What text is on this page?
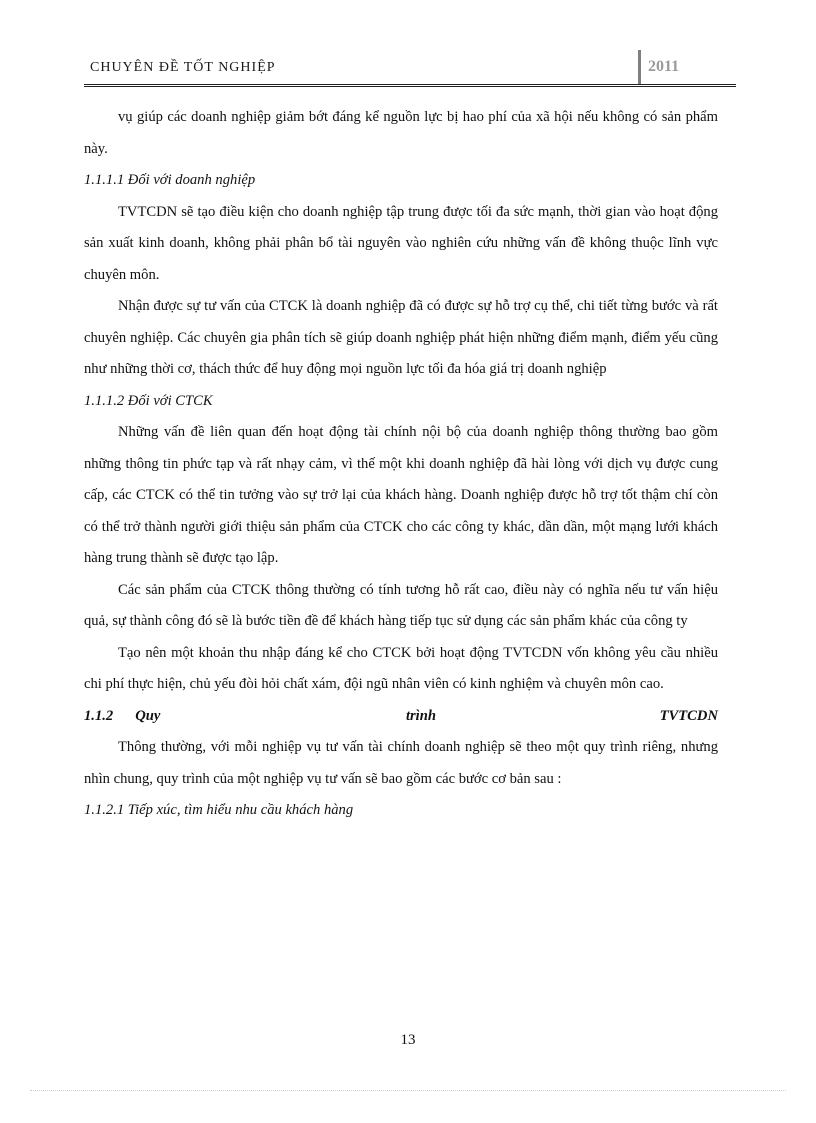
CHUYÊN ĐỀ TỐT NGHIỆP	2011

vụ giúp các doanh nghiệp giảm bớt đáng kể nguồn lực bị hao phí của xã hội nếu không có sản phẩm này.

1.1.1.1 Đối với doanh nghiệp

TVTCDN sẽ tạo điều kiện cho doanh nghiệp tập trung được tối đa sức mạnh, thời gian vào hoạt động sản xuất kinh doanh, không phải phân bổ tài nguyên vào nghiên cứu những vấn đề không thuộc lĩnh vực chuyên môn.

Nhận được sự tư vấn của CTCK là doanh nghiệp đã có được sự hỗ trợ cụ thể, chi tiết từng bước và rất chuyên nghiệp. Các chuyên gia phân tích sẽ giúp doanh nghiệp phát hiện những điểm mạnh, điểm yếu cũng như những thời cơ, thách thức để huy động mọi nguồn lực tối đa hóa giá trị doanh nghiệp

1.1.1.2 Đối với CTCK

Những vấn đề liên quan đến hoạt động tài chính nội bộ của doanh nghiệp thông thường bao gồm những thông tin phức tạp và rất nhạy cảm, vì thế một khi doanh nghiệp đã hài lòng với dịch vụ được cung cấp, các CTCK có thể tin tưởng vào sự trở lại của khách hàng. Doanh nghiệp được hỗ trợ tốt thậm chí còn có thể trở thành người giới thiệu sản phẩm của CTCK cho các công ty khác, dần dần, một mạng lưới khách hàng trung thành sẽ được tạo lập.

Các sản phẩm của CTCK thông thường có tính tương hỗ rất cao, điều này có nghĩa nếu tư vấn hiệu quả, sự thành công đó sẽ là bước tiền đề để khách hàng tiếp tục sử dụng các sản phẩm khác của công ty

Tạo nên một khoản thu nhập đáng kể cho CTCK bởi hoạt động TVTCDN vốn không yêu cầu nhiều chi phí thực hiện, chủ yếu đòi hỏi chất xám, đội ngũ nhân viên có kinh nghiệm và chuyên môn cao.

1.1.2 Quy	trình	TVTCDN

Thông thường, với mỗi nghiệp vụ tư vấn tài chính doanh nghiệp sẽ theo một quy trình riêng, nhưng nhìn chung, quy trình của một nghiệp vụ tư vấn sẽ bao gồm các bước cơ bản sau :

1.1.2.1 Tiếp xúc, tìm hiểu nhu cầu khách hàng

13
